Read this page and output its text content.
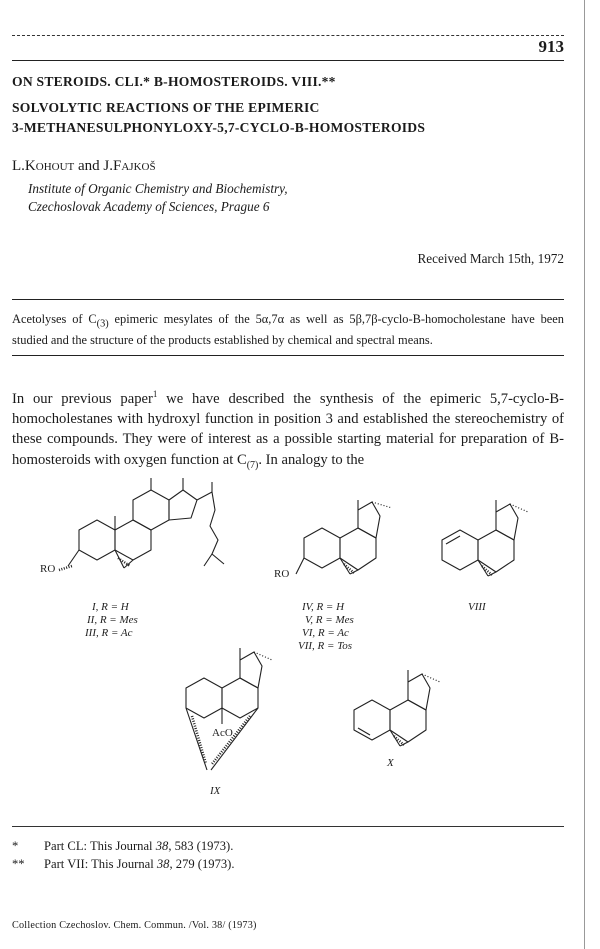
913
ON STEROIDS. CLI.* B-HOMOSTEROIDS. VIII.**
SOLVOLYTIC REACTIONS OF THE EPIMERIC
3-METHANESULPHONYLOXY-5,7-CYCLO-B-HOMOSTEROIDS
L.Kohout and J.Fajkoš
Institute of Organic Chemistry and Biochemistry,
Czechoslovak Academy of Sciences, Prague 6
Received March 15th, 1972
Acetolyses of $C_{(3)}$ epimeric mesylates of the 5α,7α as well as 5β,7β-cyclo-B-homocholestane have been studied and the structure of the products established by chemical and spectral means.
In our previous paper$^1$ we have described the synthesis of the epimeric 5,7-cyclo-B-homocholestanes with hydroxyl function in position 3 and established the stereochemistry of these compounds. They were of interest as a possible starting material for preparation of B-homosteroids with oxygen function at $C_{(7)}$. In analogy to the
RO	RO
AcO
I, R = H
II, R = Mes
III, R = Ac
IV, R = H
V, R = Mes
VI, R = Ac
VII, R = Tos
VIII
IX
X
* Part CL: This Journal 38, 583 (1973).
** Part VII: This Journal 38, 279 (1973).
Collection Czechoslov. Chem. Commun. /Vol. 38/ (1973)
